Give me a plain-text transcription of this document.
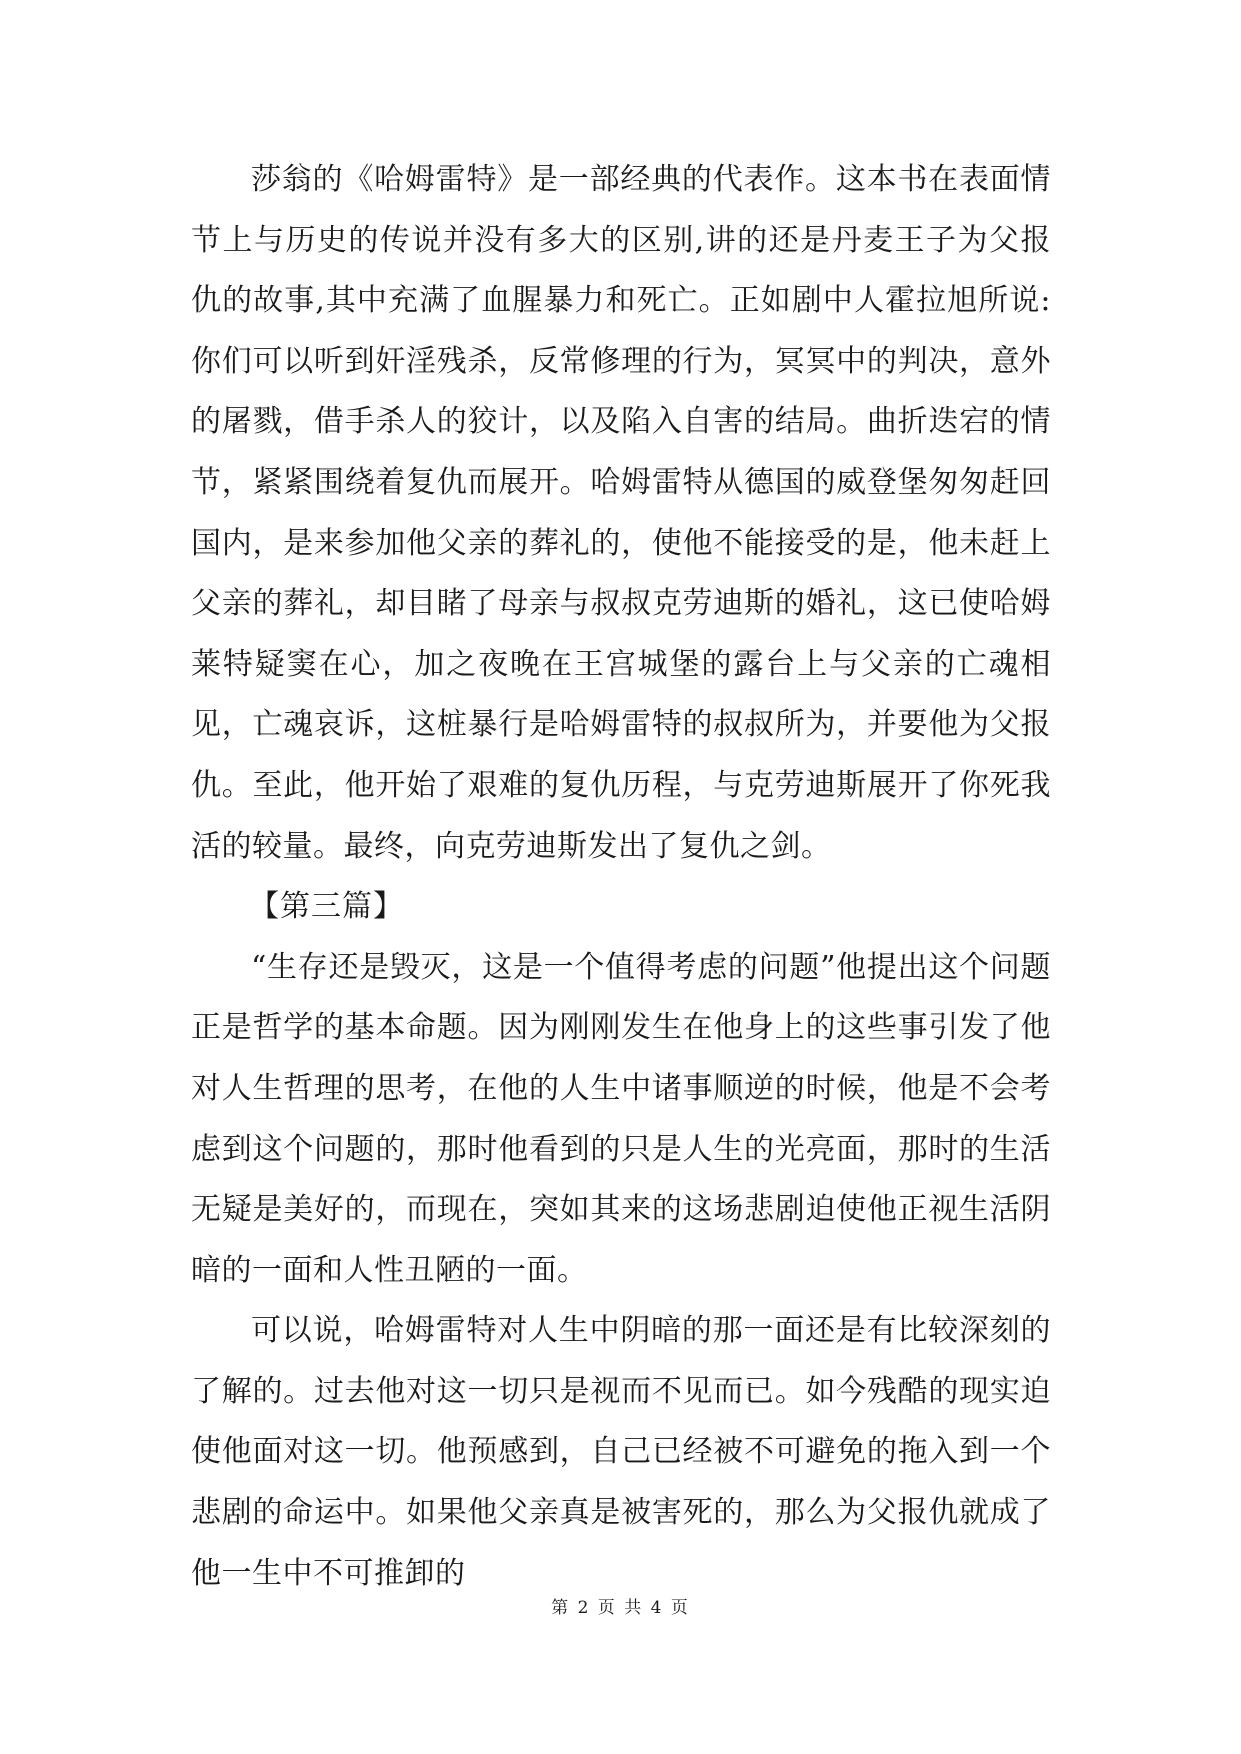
莎翁的《哈姆雷特》是一部经典的代表作。这本书在表面情节上与历史的传说并没有多大的区别,讲的还是丹麦王子为父报仇的故事,其中充满了血腥暴力和死亡。正如剧中人霍拉旭所说:你们可以听到奸淫残杀，反常修理的行为，冥冥中的判决，意外的屠戮，借手杀人的狡计，以及陷入自害的结局。曲折迭宕的情节，紧紧围绕着复仇而展开。哈姆雷特从德国的威登堡匆匆赶回国内，是来参加他父亲的葬礼的，使他不能接受的是，他未赶上父亲的葬礼，却目睹了母亲与叔叔克劳迪斯的婚礼，这已使哈姆莱特疑窦在心，加之夜晚在王宫城堡的露台上与父亲的亡魂相见，亡魂哀诉，这桩暴行是哈姆雷特的叔叔所为，并要他为父报仇。至此，他开始了艰难的复仇历程，与克劳迪斯展开了你死我活的较量。最终，向克劳迪斯发出了复仇之剑。

【第三篇】

“生存还是毁灭，这是一个值得考虑的问题”他提出这个问题正是哲学的基本命题。因为刚刚发生在他身上的这些事引发了他对人生哲理的思考，在他的人生中诸事顺逆的时候，他是不会考虑到这个问题的，那时他看到的只是人生的光亮面，那时的生活无疑是美好的，而现在，突如其来的这场悲剧迫使他正视生活阴暗的一面和人性丑陋的一面。

可以说，哈姆雷特对人生中阴暗的那一面还是有比较深刻的了解的。过去他对这一切只是视而不见而已。如今残酷的现实迫使他面对这一切。他预感到，自己已经被不可避免的拖入到一个悲剧的命运中。如果他父亲真是被害死的，那么为父报仇就成了他一生中不可推卸的

第 2 页 共 4 页
